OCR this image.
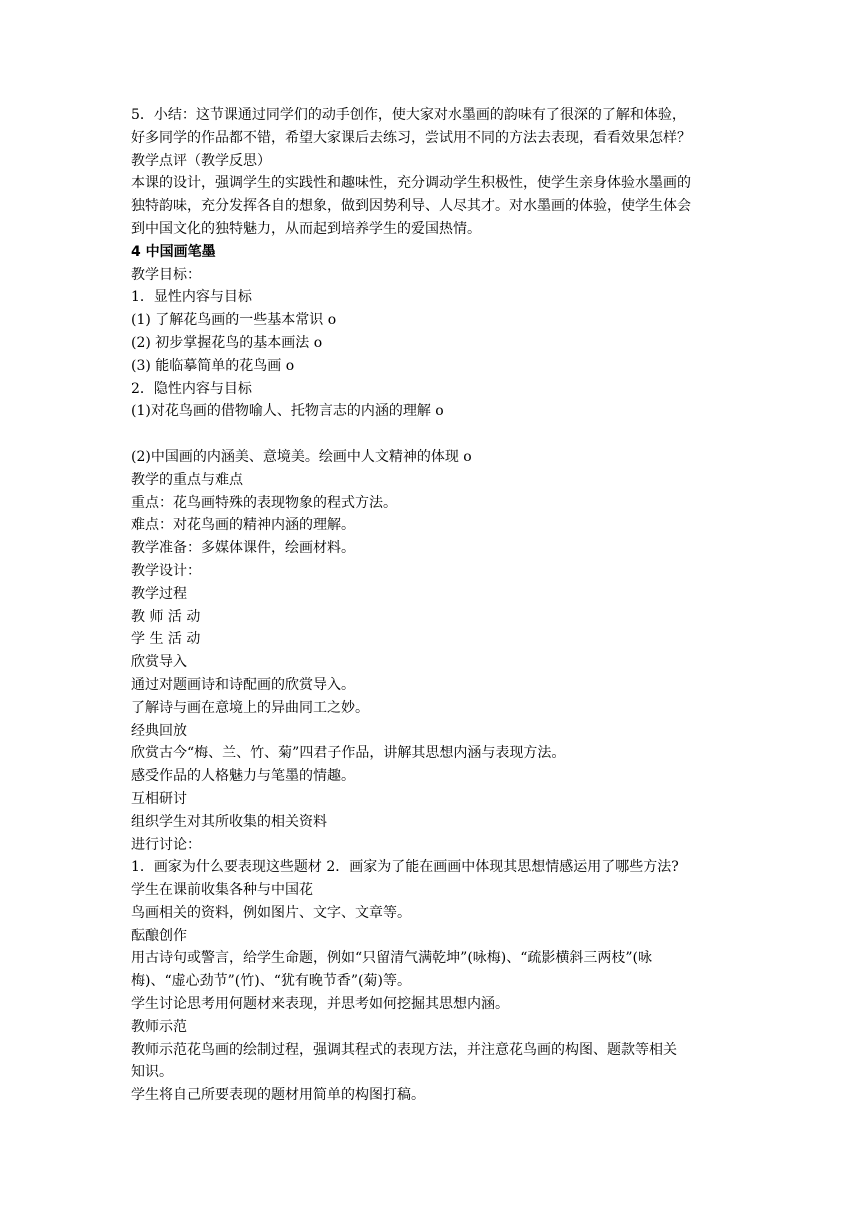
5．小结：这节课通过同学们的动手创作，使大家对水墨画的韵味有了很深的了解和体验，
好多同学的作品都不错，希望大家课后去练习，尝试用不同的方法去表现，看看效果怎样？
教学点评（教学反思）
本课的设计，强调学生的实践性和趣味性，充分调动学生积极性，使学生亲身体验水墨画的
独特韵味，充分发挥各自的想象，做到因势利导、人尽其才。对水墨画的体验，使学生体会
到中国文化的独特魅力，从而起到培养学生的爱国热情。
4 中国画笔墨
教学目标：
1．显性内容与目标
(1) 了解花鸟画的一些基本常识 o
(2) 初步掌握花鸟的基本画法 o
(3) 能临摹简单的花鸟画 o
2．隐性内容与目标
(1)对花鸟画的借物喻人、托物言志的内涵的理解 o
(2)中国画的内涵美、意境美。绘画中人文精神的体现 o
教学的重点与难点
重点：花鸟画特殊的表现物象的程式方法。
难点：对花鸟画的精神内涵的理解。
教学准备：多媒体课件，绘画材料。
教学设计：
教学过程
教 师 活 动
学 生 活 动
欣赏导入
通过对题画诗和诗配画的欣赏导入。
了解诗与画在意境上的异曲同工之妙。
经典回放
欣赏古今“梅、兰、竹、菊”四君子作品，讲解其思想内涵与表现方法。
感受作品的人格魅力与笔墨的情趣。
互相研讨
组织学生对其所收集的相关资料
进行讨论：
1．画家为什么要表现这些题材 2．画家为了能在画画中体现其思想情感运用了哪些方法?
学生在课前收集各种与中国花
鸟画相关的资料，例如图片、文字、文章等。
酝酿创作
用古诗句或警言，给学生命题，例如“只留清气满乾坤”(咏梅)、“疏影横斜三两枝”(咏
梅)、“虚心劲节”(竹)、“犹有晚节香”(菊)等。
学生讨论思考用何题材来表现，并思考如何挖掘其思想内涵。
教师示范
教师示范花鸟画的绘制过程，强调其程式的表现方法，并注意花鸟画的构图、题款等相关
知识。
学生将自己所要表现的题材用简单的构图打稿。
